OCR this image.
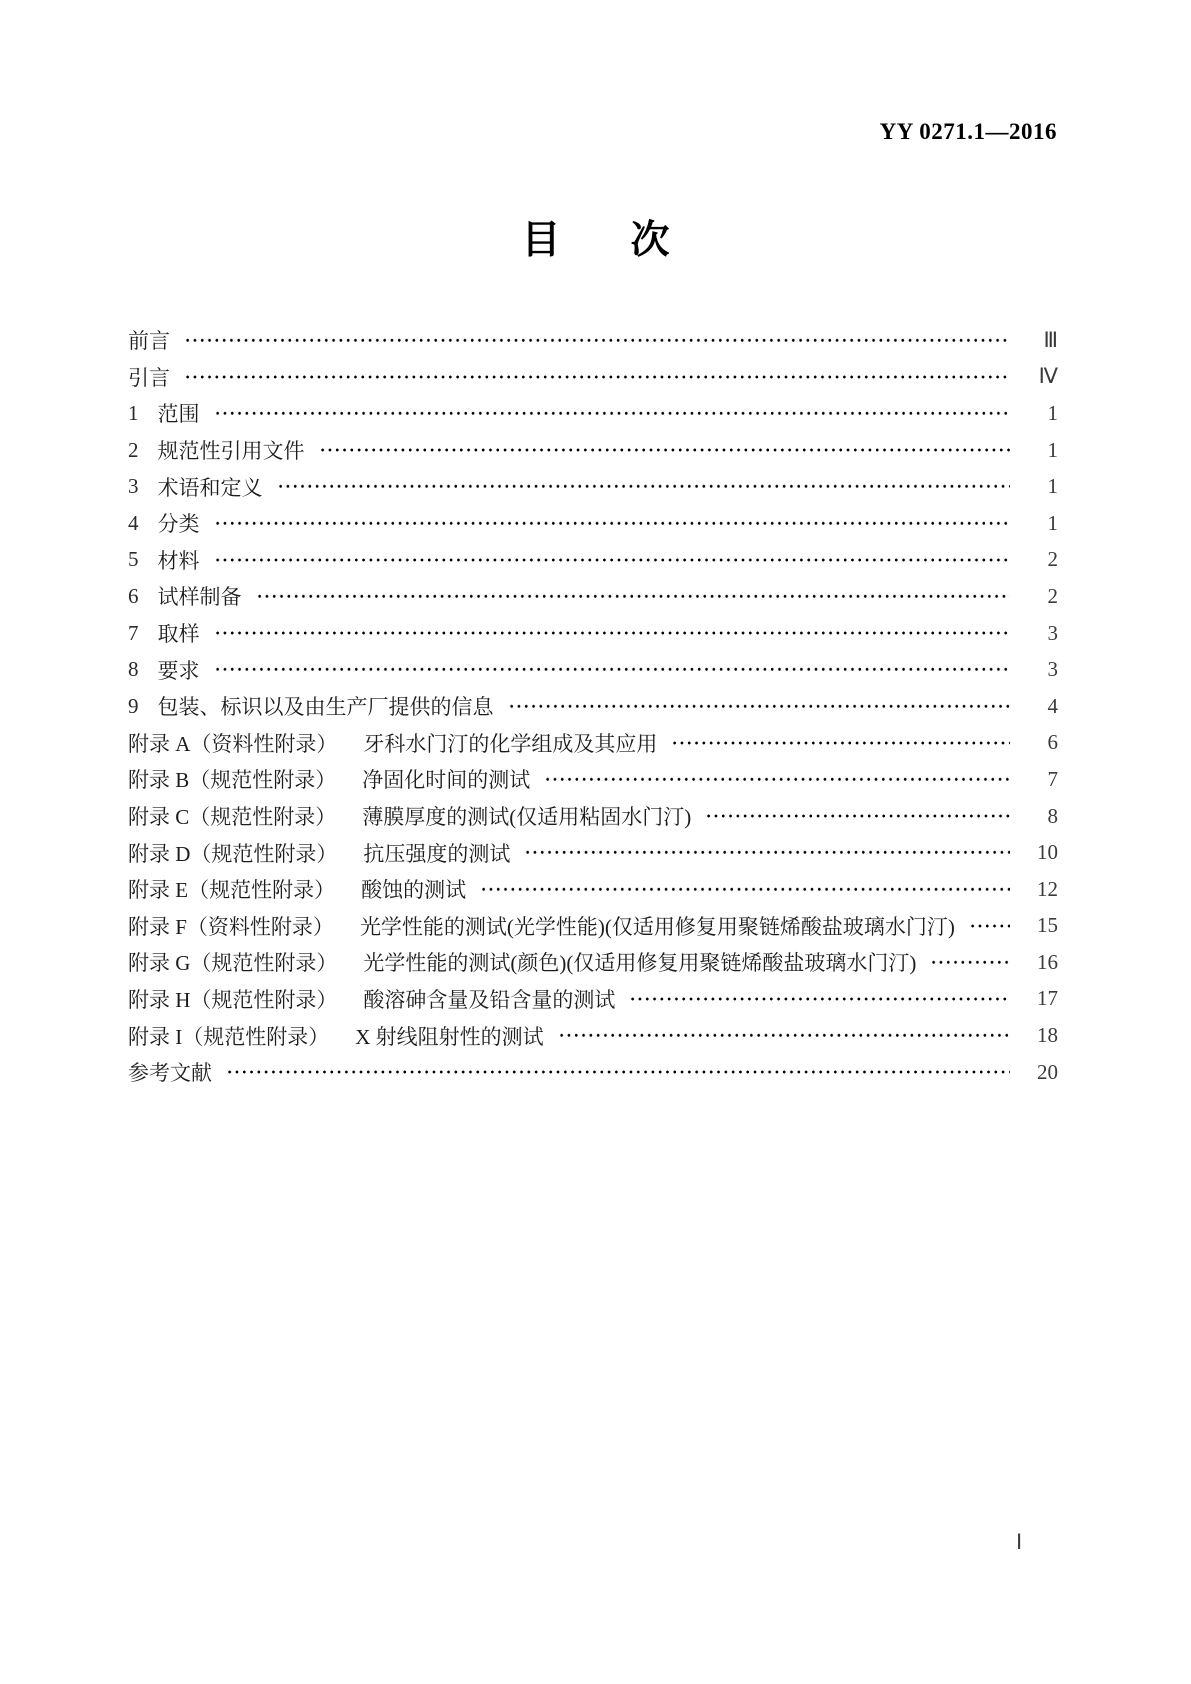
YY 0271.1—2016
目 次
前言	Ⅲ
引言	Ⅳ
1 范围	1
2 规范性引用文件	1
3 术语和定义	1
4 分类	1
5 材料	2
6 试样制备	2
7 取样	3
8 要求	3
9 包装、标识以及由生产厂提供的信息	4
附录 A（资料性附录） 牙科水门汀的化学组成及其应用	6
附录 B（规范性附录） 净固化时间的测试	7
附录 C（规范性附录） 薄膜厚度的测试(仅适用粘固水门汀)	8
附录 D（规范性附录） 抗压强度的测试	10
附录 E（规范性附录） 酸蚀的测试	12
附录 F（资料性附录） 光学性能的测试(光学性能)(仅适用修复用聚链烯酸盐玻璃水门汀)	15
附录 G（规范性附录） 光学性能的测试(颜色)(仅适用修复用聚链烯酸盐玻璃水门汀)	16
附录 H（规范性附录） 酸溶砷含量及铅含量的测试	17
附录 I（规范性附录） X 射线阻射性的测试	18
参考文献	20
Ⅰ
